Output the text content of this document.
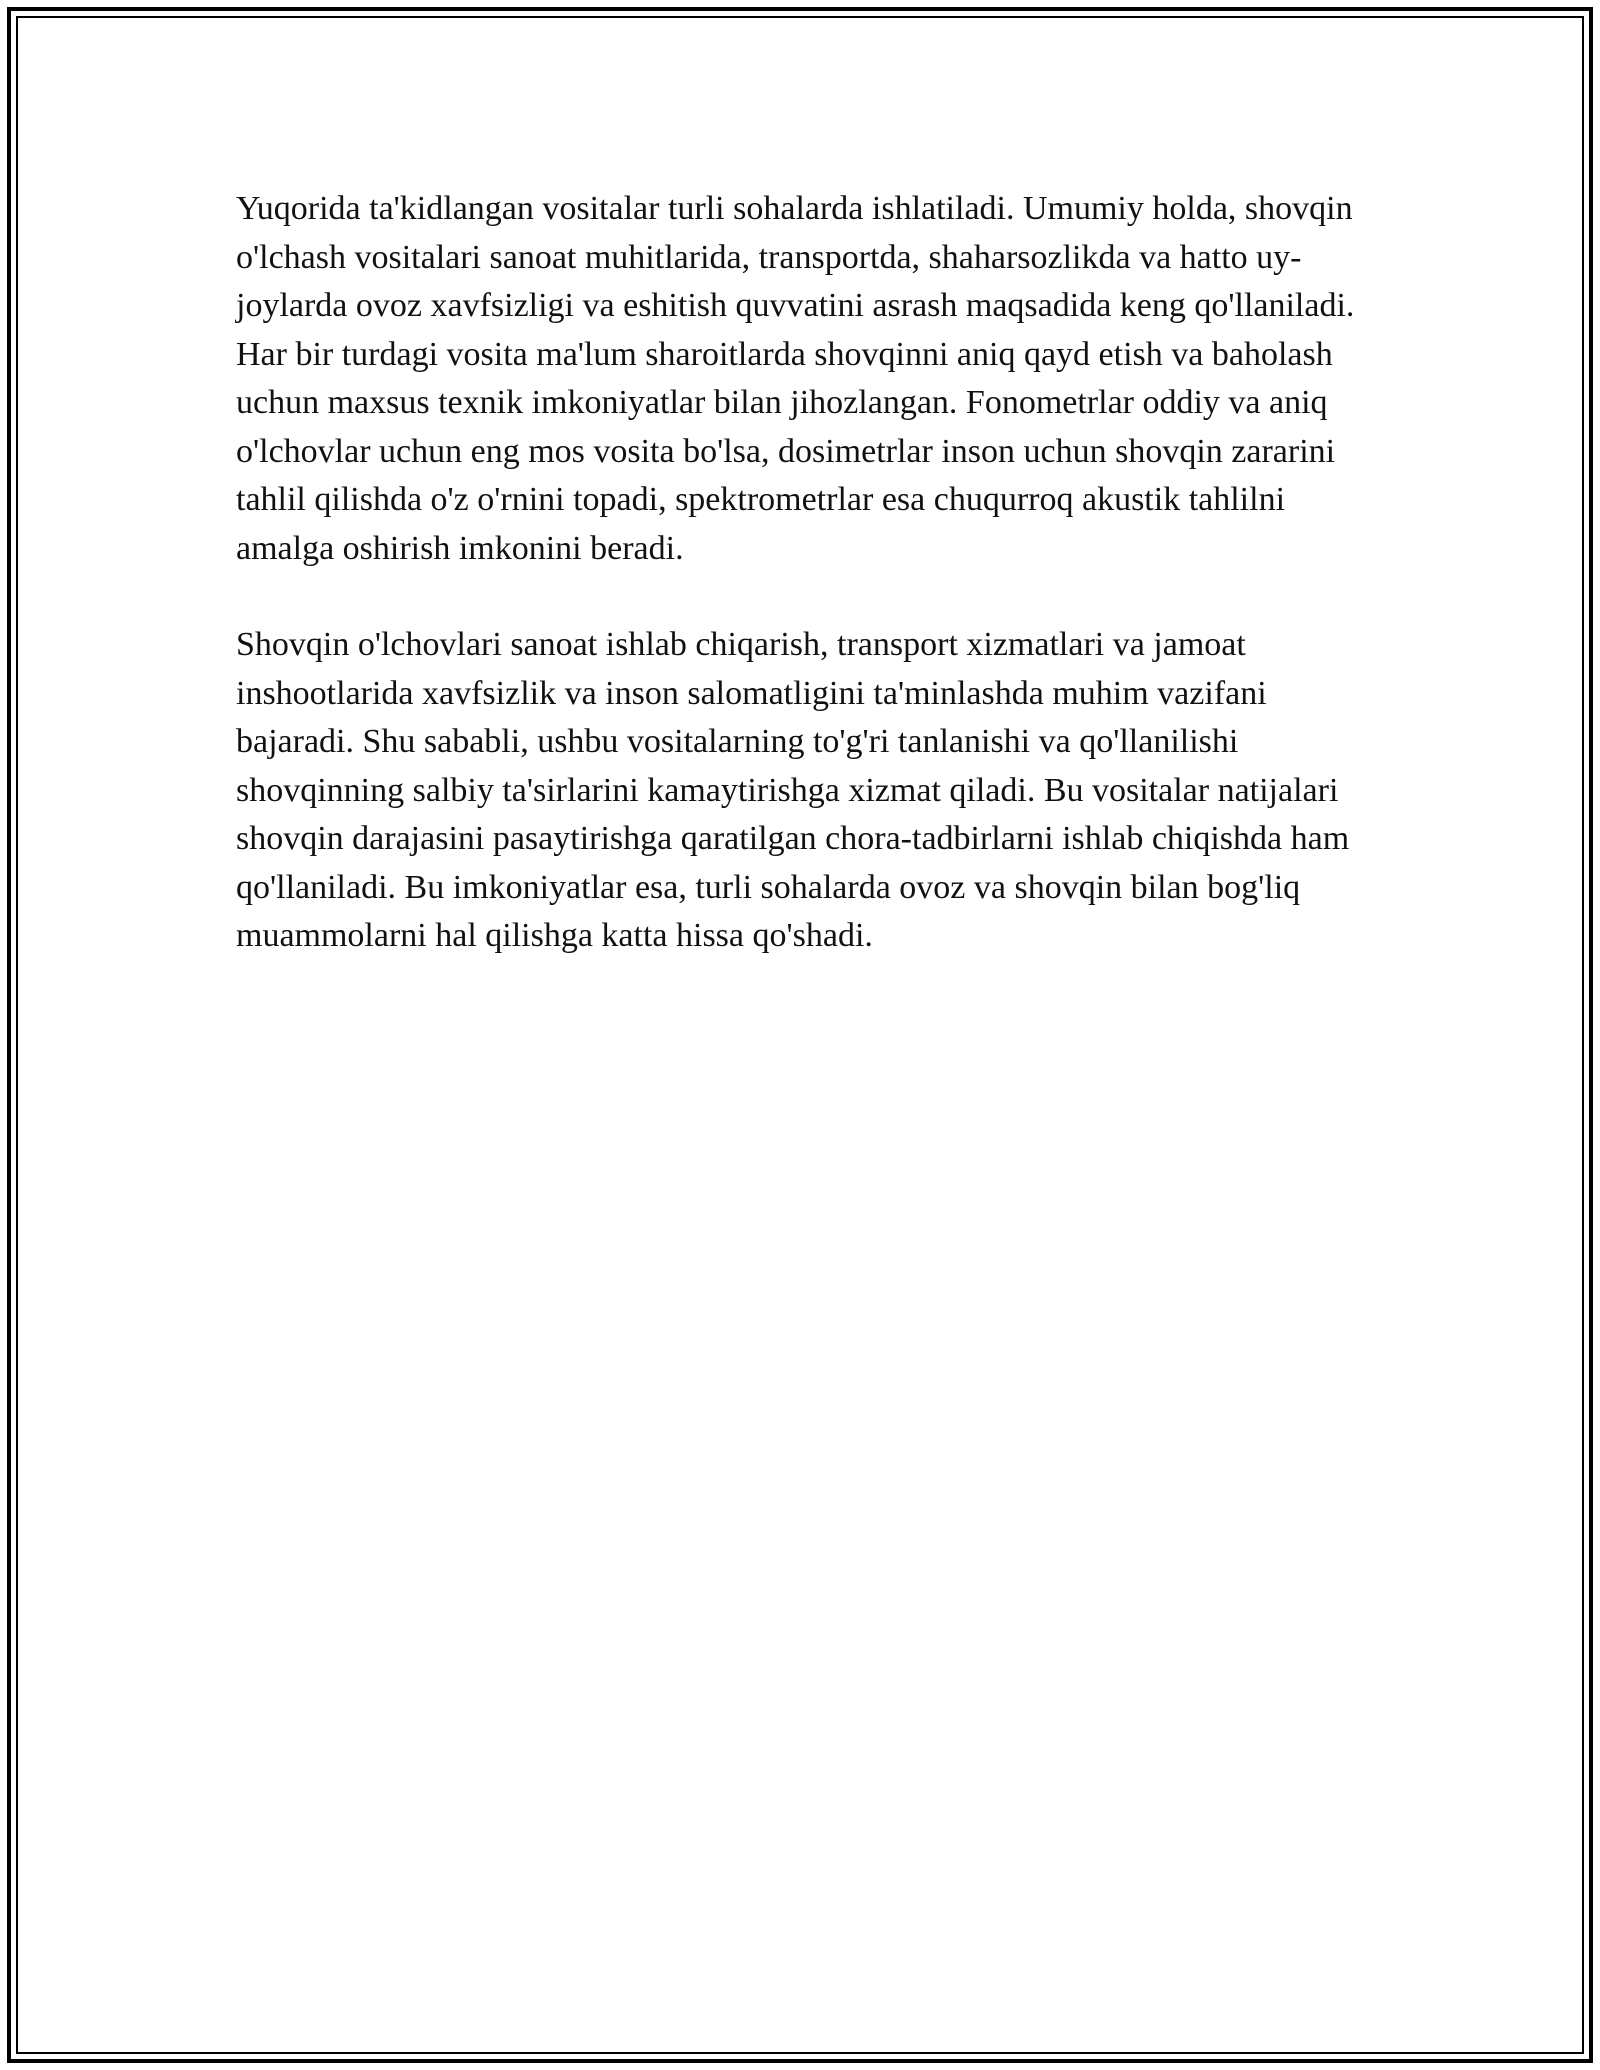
Yuqorida ta'kidlangan vositalar turli sohalarda ishlatiladi. Umumiy holda, shovqin o'lchash vositalari sanoat muhitlarida, transportda, shaharsozlikda va hatto uy-joylarda ovoz xavfsizligi va eshitish quvvatini asrash maqsadida keng qo'llaniladi. Har bir turdagi vosita ma'lum sharoitlarda shovqinni aniq qayd etish va baholash uchun maxsus texnik imkoniyatlar bilan jihozlangan. Fonometrlar oddiy va aniq o'lchovlar uchun eng mos vosita bo'lsa, dosimetrlar inson uchun shovqin zararini tahlil qilishda o'z o'rnini topadi, spektrometrlar esa chuqurroq akustik tahlilni amalga oshirish imkonini beradi.

Shovqin o'lchovlari sanoat ishlab chiqarish, transport xizmatlari va jamoat inshootlarida xavfsizlik va inson salomatligini ta'minlashda muhim vazifani bajaradi. Shu sababli, ushbu vositalarning to'g'ri tanlanishi va qo'llanilishi shovqinning salbiy ta'sirlarini kamaytirishga xizmat qiladi. Bu vositalar natijalari shovqin darajasini pasaytirishga qaratilgan chora-tadbirlarni ishlab chiqishda ham qo'llaniladi. Bu imkoniyatlar esa, turli sohalarda ovoz va shovqin bilan bog'liq muammolarni hal qilishga katta hissa qo'shadi.
